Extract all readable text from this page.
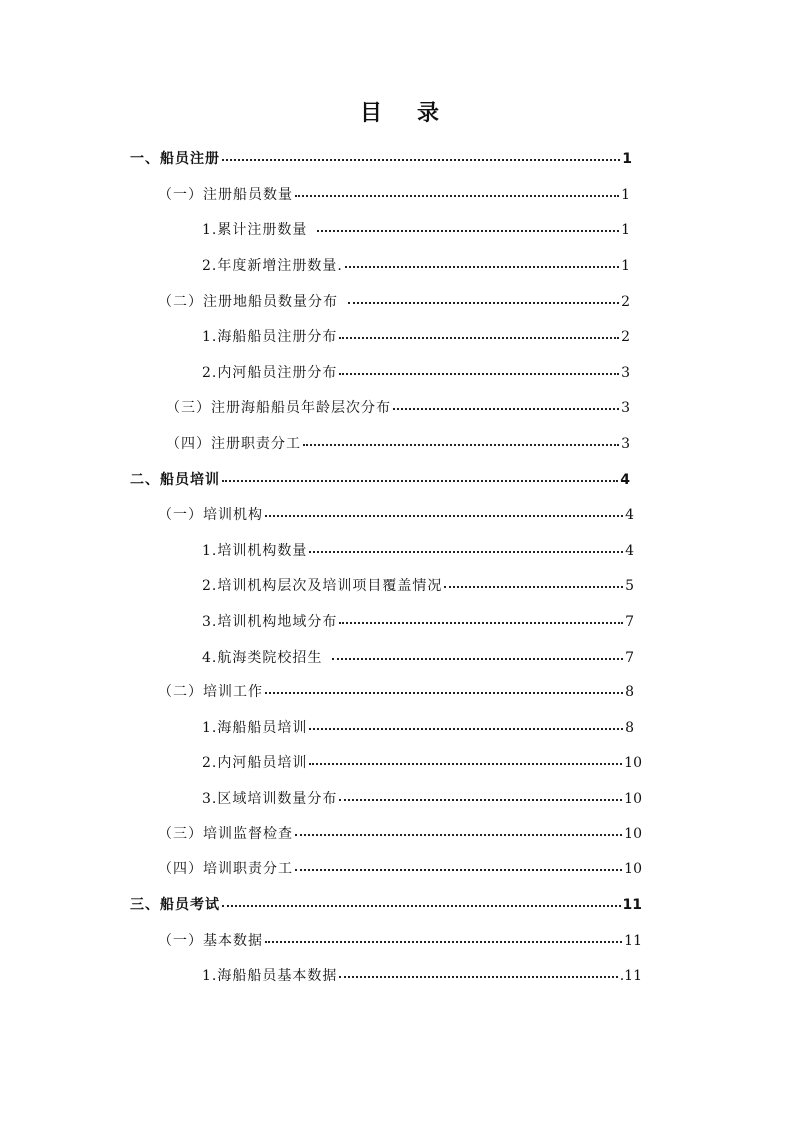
目 录
一、船员注册	1
（一）注册船员数量	1
1.累计注册数量	1
2.年度新增注册数量.	1
（二）注册地船员数量分布	2
1.海船船员注册分布	2
2.内河船员注册分布	3
（三）注册海船船员年龄层次分布	3
（四）注册职责分工	3
二、船员培训	4
（一）培训机构	4
1.培训机构数量	4
2.培训机构层次及培训项目覆盖情况	5
3.培训机构地域分布	7
4.航海类院校招生	7
（二）培训工作	8
1.海船船员培训	8
2.内河船员培训	10
3.区域培训数量分布	10
（三）培训监督检查	10
（四）培训职责分工	10
三、船员考试	11
（一）基本数据	11
1.海船船员基本数据	.11
